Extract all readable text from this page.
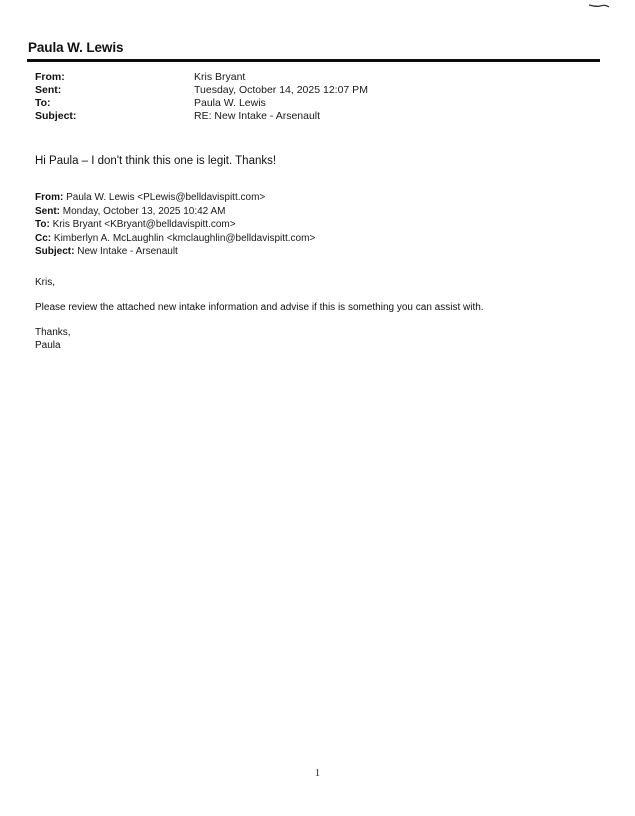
Paula W. Lewis
From:	Kris Bryant
Sent:	Tuesday, October 14, 2025 12:07 PM
To:	Paula W. Lewis
Subject:	RE: New Intake - Arsenault
Hi Paula – I don't think this one is legit. Thanks!
From: Paula W. Lewis <PLewis@belldavispitt.com>
Sent: Monday, October 13, 2025 10:42 AM
To: Kris Bryant <KBryant@belldavispitt.com>
Cc: Kimberlyn A. McLaughlin <kmclaughlin@belldavispitt.com>
Subject: New Intake - Arsenault

Kris,

Please review the attached new intake information and advise if this is something you can assist with.

Thanks,

Paula

1
